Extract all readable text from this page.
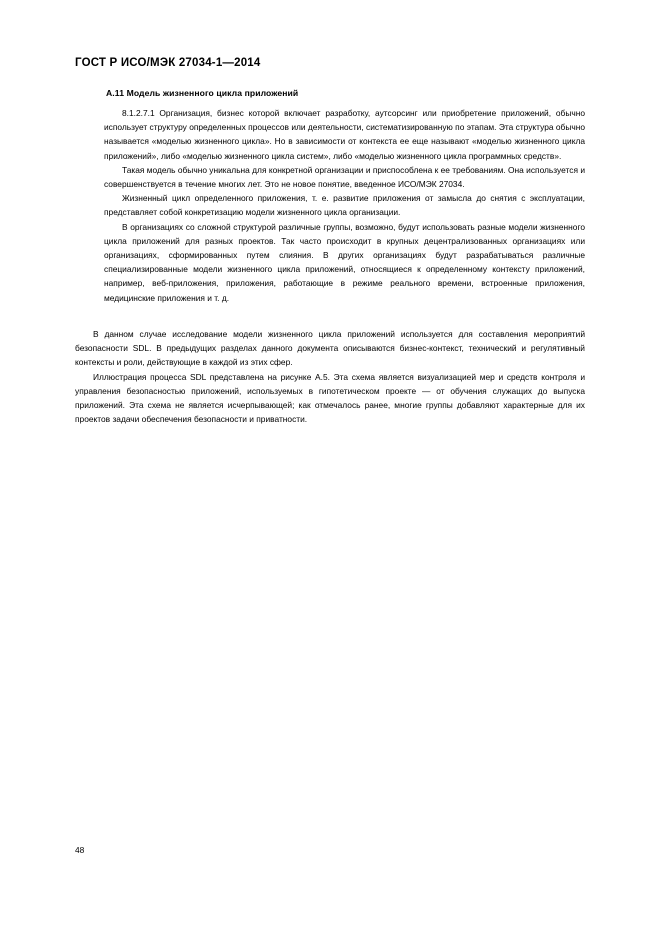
ГОСТ Р ИСО/МЭК 27034-1—2014
А.11 Модель жизненного цикла приложений

8.1.2.7.1 Организация, бизнес которой включает разработку, аутсорсинг или приобретение приложений, обычно использует структуру определенных процессов или деятельности, систематизированную по этапам. Эта структура обычно называется «моделью жизненного цикла». Но в зависимости от контекста ее еще называют «моделью жизненного цикла приложений», либо «моделью жизненного цикла систем», либо «моделью жизненного цикла программных средств».

Такая модель обычно уникальна для конкретной организации и приспособлена к ее требованиям. Она используется и совершенствуется в течение многих лет. Это не новое понятие, введенное ИСО/МЭК 27034.

Жизненный цикл определенного приложения, т. е. развитие приложения от замысла до снятия с эксплуатации, представляет собой конкретизацию модели жизненного цикла организации.

В организациях со сложной структурой различные группы, возможно, будут использовать разные модели жизненного цикла приложений для разных проектов. Так часто происходит в крупных децентрализованных организациях или организациях, сформированных путем слияния. В других организациях будут разрабатываться различные специализированные модели жизненного цикла приложений, относящиеся к определенному контексту приложений, например, веб-приложения, приложения, работающие в режиме реального времени, встроенные приложения, медицинские приложения и т. д.

В данном случае исследование модели жизненного цикла приложений используется для составления мероприятий безопасности SDL. В предыдущих разделах данного документа описываются бизнес-контекст, технический и регулятивный контексты и роли, действующие в каждой из этих сфер.

Иллюстрация процесса SDL представлена на рисунке А.5. Эта схема является визуализацией мер и средств контроля и управления безопасностью приложений, используемых в гипотетическом проекте — от обучения служащих до выпуска приложений. Эта схема не является исчерпывающей; как отмечалось ранее, многие группы добавляют характерные для их проектов задачи обеспечения безопасности и приватности.

48
